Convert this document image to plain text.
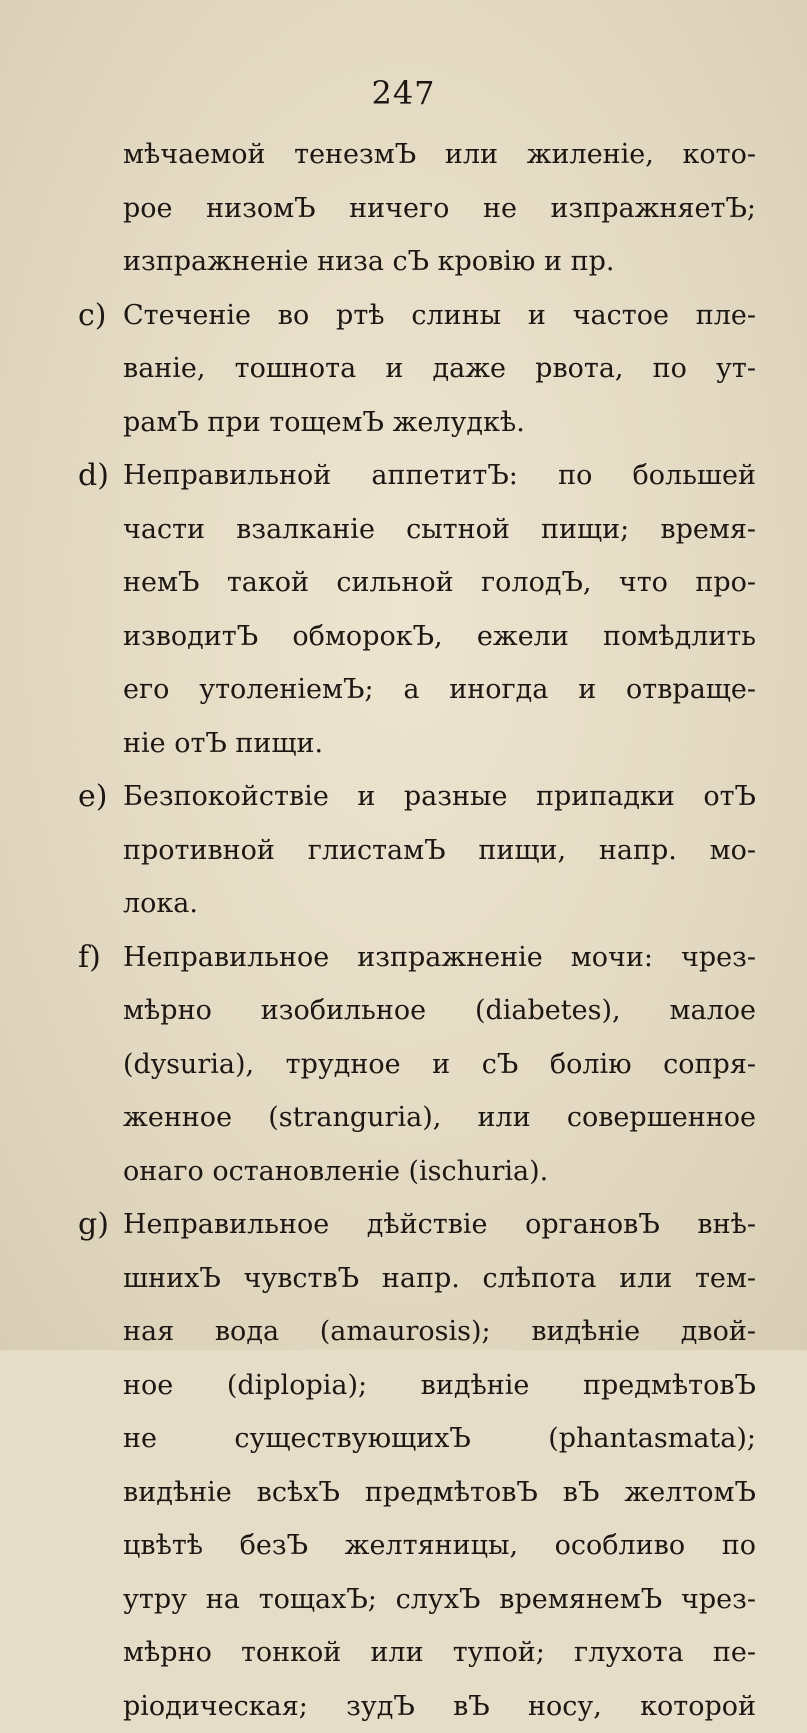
247
мѣчаемой тенезмЪ или жиленіе, кото-
рое низомЪ ничего не изпражняетЪ;
изпражненіе низа сЪ кровію и пр.
c) Стеченіе во ртѣ слины и частое пле-
ваніе, тошнота и даже рвота, по ут-
рамЪ при тощемЪ желудкѣ.
d) Неправильной аппетитЪ: по большей
части взалканіе сытной пищи; время-
немЪ такой сильной голодЪ, что про-
изводитЪ обморокЪ, ежели помѣдлить
его утоленіемЪ; а иногда и отвраще-
ніе отЪ пищи.
e) Безпокойствіе и разные припадки отЪ
противной глистамЪ пищи, напр. мо-
лока.
f) Неправильное изпражненіе мочи: чрез-
мѣрно изобильное (diabetes), малое
(dysuria), трудное и сЪ болію сопря-
женное (stranguria), или совершенное
онаго остановленіе (ischuria).
g) Неправильное дѣйствіе органовЪ внѣ-
шнихЪ чувствЪ напр. слѣпота или тем-
ная вода (amaurosis); видѣніе двой-
ное (diplopia); видѣніе предмѣтовЪ
не существующихЪ (phantasmata);
видѣніе всѣхЪ предмѣтовЪ вЪ желтомЪ
цвѣтѣ безЪ желтяницы, особливо по
утру на тощахЪ; слухЪ времянемЪ чрез-
мѣрно тонкой или тупой; глухота пе-
ріодическая; зудЪ вЪ носу, которой
